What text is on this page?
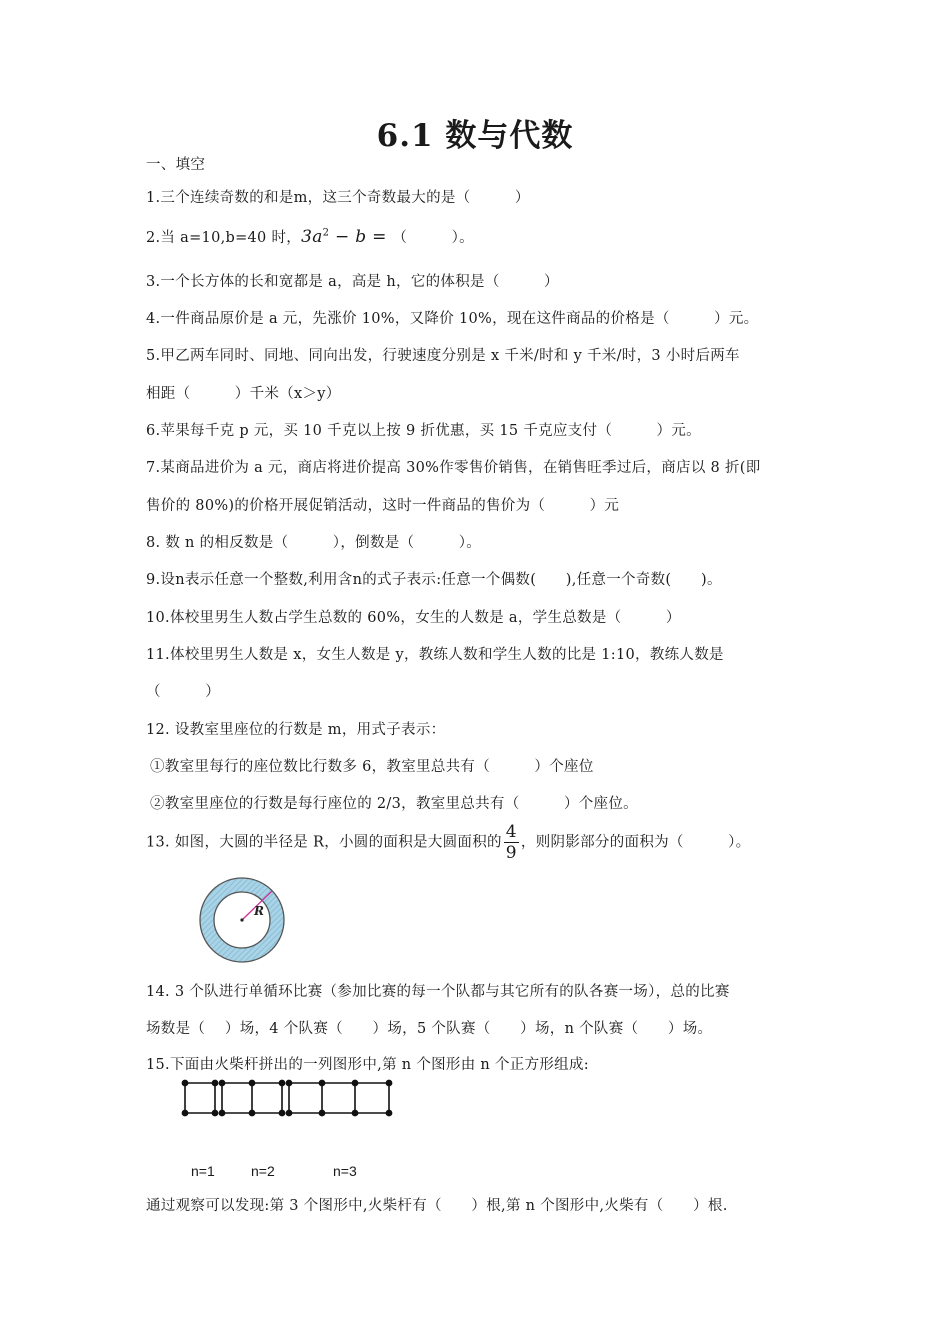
6.1 数与代数
一、填空
1.三个连续奇数的和是m，这三个奇数最大的是（　　　）
2.当 a=10,b=40 时，$3a^2 - b$ = （　　　）。
3.一个长方体的长和宽都是 a，高是 h，它的体积是（　　　）
4.一件商品原价是 a 元，先涨价 10%，又降价 10%，现在这件商品的价格是（　　　）元。
5.甲乙两车同时、同地、同向出发，行驶速度分别是 x 千米/时和 y 千米/时，3 小时后两车
相距（　　　）千米（x＞y）
6.苹果每千克 p 元，买 10 千克以上按 9 折优惠，买 15 千克应支付（　　　）元。
7.某商品进价为 a 元，商店将进价提高 30%作零售价销售，在销售旺季过后，商店以 8 折(即
售价的 80%)的价格开展促销活动，这时一件商品的售价为（　　　）元
8. 数 n 的相反数是（　　　），倒数是（　　　）。
9.设n表示任意一个整数,利用含n的式子表示:任意一个偶数(　　),任意一个奇数(　　)。
10.体校里男生人数占学生总数的 60%，女生的人数是 a，学生总数是（　　　）
11.体校里男生人数是 x，女生人数是 y，教练人数和学生人数的比是 1:10，教练人数是
（　　　）
12. 设教室里座位的行数是 m，用式子表示：
①教室里每行的座位数比行数多 6，教室里总共有（　　　）个座位
②教室里座位的行数是每行座位的 2/3，教室里总共有（　　　）个座位。
13. 如图，大圆的半径是 R，小圆的面积是大圆面积的 $\frac{4}{9}$ ，则阴影部分的面积为（　　　）。
R
14. 3 个队进行单循环比赛（参加比赛的每一个队都与其它所有的队各赛一场），总的比赛
场数是（　 ）场，4 个队赛（　　）场，5 个队赛（　　）场，n 个队赛（　　）场。
15.下面由火柴杆拼出的一列图形中,第 n 个图形由 n 个正方形组成:
n=1	n=2	n=3
通过观察可以发现:第 3 个图形中,火柴杆有（　　）根,第 n 个图形中,火柴有（　　）根.
